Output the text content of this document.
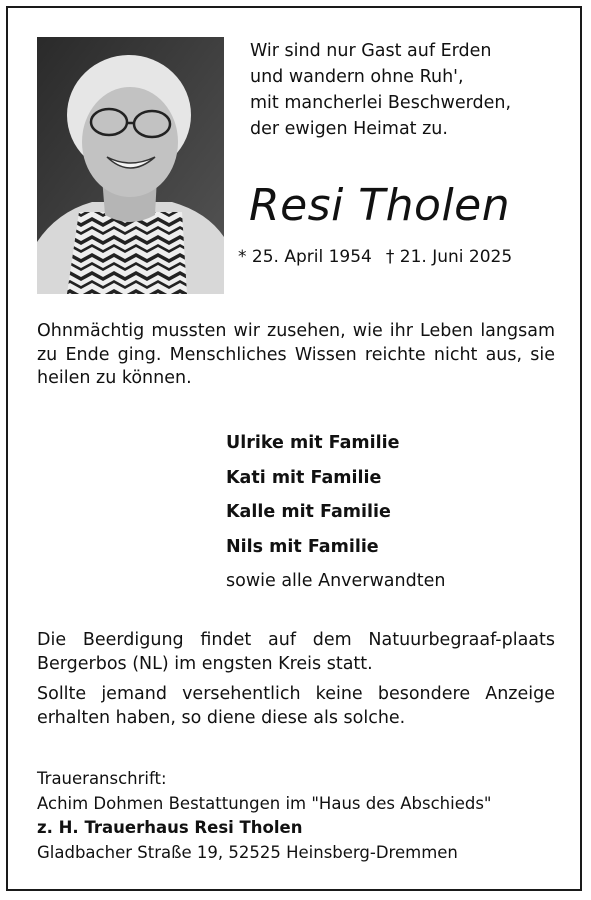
Wir sind nur Gast auf Erden
und wandern ohne Ruh',
mit mancherlei Beschwerden,
der ewigen Heimat zu.
Resi Tholen
* 25. April 1954 † 21. Juni 2025

Ohnmächtig mussten wir zusehen, wie ihr Leben langsam zu Ende ging. Menschliches Wissen reichte nicht aus, sie heilen zu können.

Ulrike mit Familie
Kati mit Familie
Kalle mit Familie
Nils mit Familie
sowie alle Anverwandten

Die Beerdigung findet auf dem Natuurbegraaf-plaats Bergerbos (NL) im engsten Kreis statt.

Sollte jemand versehentlich keine besondere Anzeige erhalten haben, so diene diese als solche.

Traueranschrift:
Achim Dohmen Bestattungen im "Haus des Abschieds"
z. H. Trauerhaus Resi Tholen
Gladbacher Straße 19, 52525 Heinsberg-Dremmen
